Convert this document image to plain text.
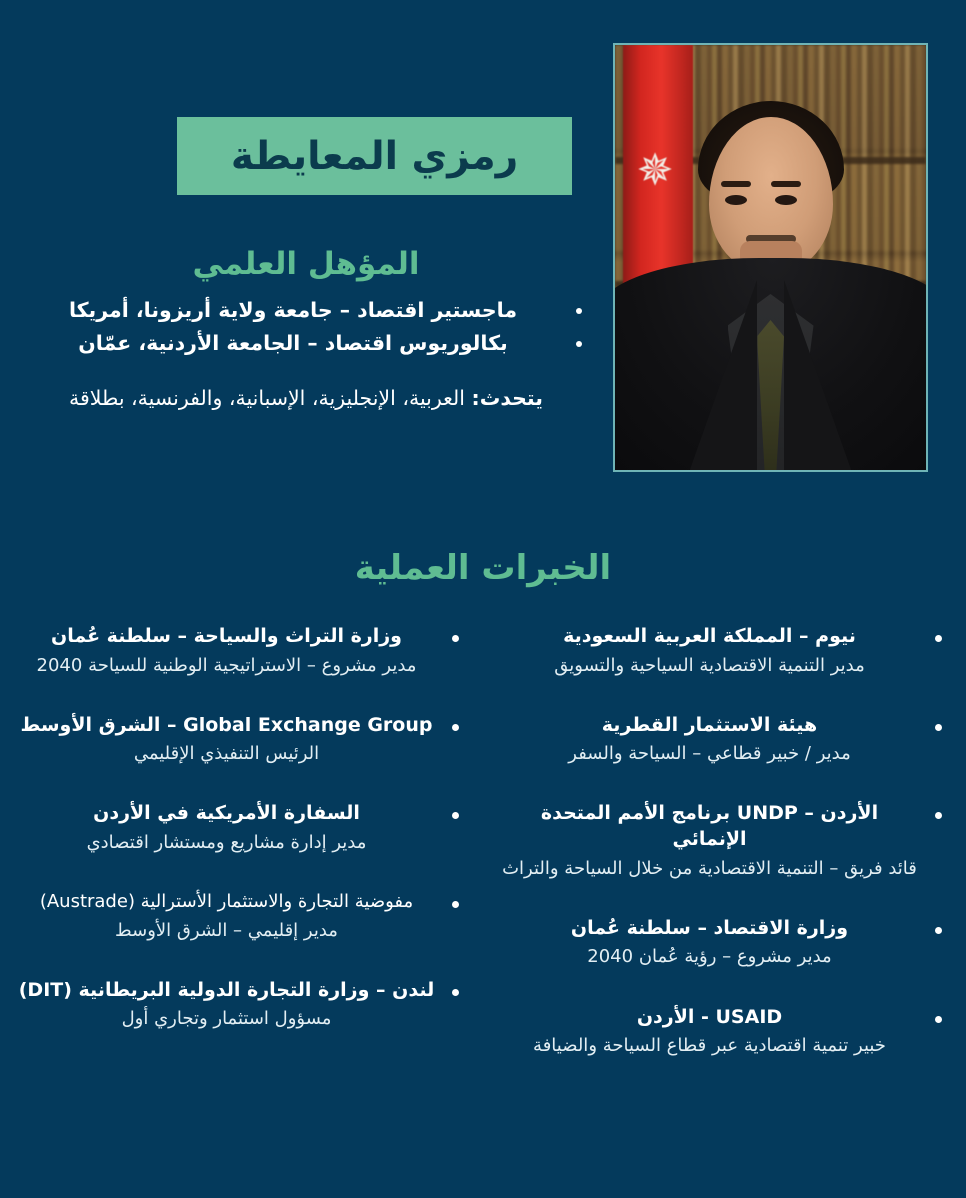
✵
رمزي المعايطة
المؤهل العلمي
ماجستير اقتصاد – جامعة ولاية أريزونا، أمريكا
بكالوريوس اقتصاد – الجامعة الأردنية، عمّان
يتحدث: العربية، الإنجليزية، الإسبانية، والفرنسية، بطلاقة
الخبرات العملية
نيوم – المملكة العربية السعودية
مدير التنمية الاقتصادية السياحية والتسويق
هيئة الاستثمار القطرية
مدير / خبير قطاعي – السياحة والسفر
الأردن – UNDP برنامج الأمم المتحدة الإنمائي
قائد فريق – التنمية الاقتصادية من خلال السياحة والتراث
وزارة الاقتصاد – سلطنة عُمان
مدير مشروع – رؤية عُمان 2040
USAID - الأردن
خبير تنمية اقتصادية عبر قطاع السياحة والضيافة
وزارة التراث والسياحة – سلطنة عُمان
مدير مشروع – الاستراتيجية الوطنية للسياحة 2040
Global Exchange Group – الشرق الأوسط
الرئيس التنفيذي الإقليمي
السفارة الأمريكية في الأردن
مدير إدارة مشاريع ومستشار اقتصادي
مفوضية التجارة والاستثمار الأسترالية (Austrade)
مدير إقليمي – الشرق الأوسط
لندن – وزارة التجارة الدولية البريطانية (DIT)
مسؤول استثمار وتجاري أول
